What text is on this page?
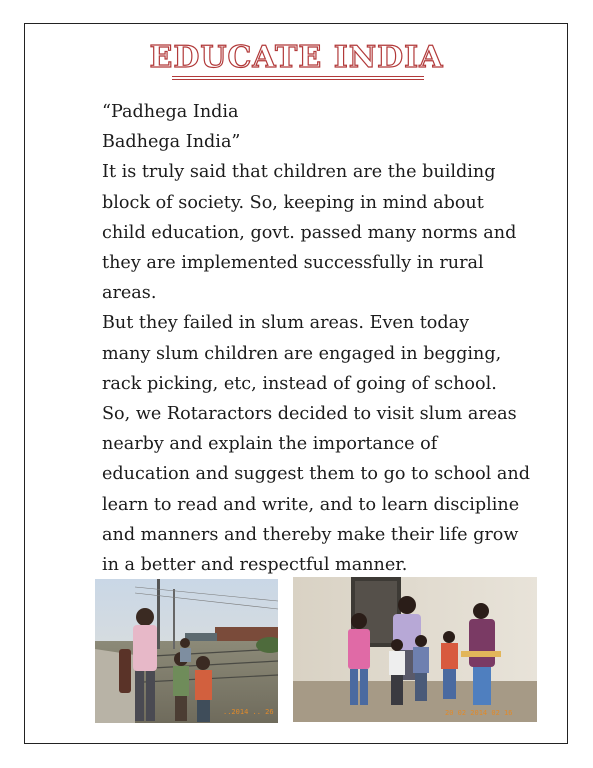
EDUCATE INDIA
“Padhega India
Badhega India”
It is truly said that children are the building
block of society. So, keeping in mind about
child education, govt. passed many norms and
they are implemented successfully in rural
areas.
But they failed in slum areas. Even today
many slum children are engaged in begging,
rack picking, etc, instead of going of school.
So, we Rotaractors decided to visit slum areas
nearby and explain the importance of
education and suggest them to go to school and
learn to read and write, and to learn discipline
and manners and thereby make their life grow
in a better and respectful manner.
..2014 .. 26	20 02 2014 02 16
